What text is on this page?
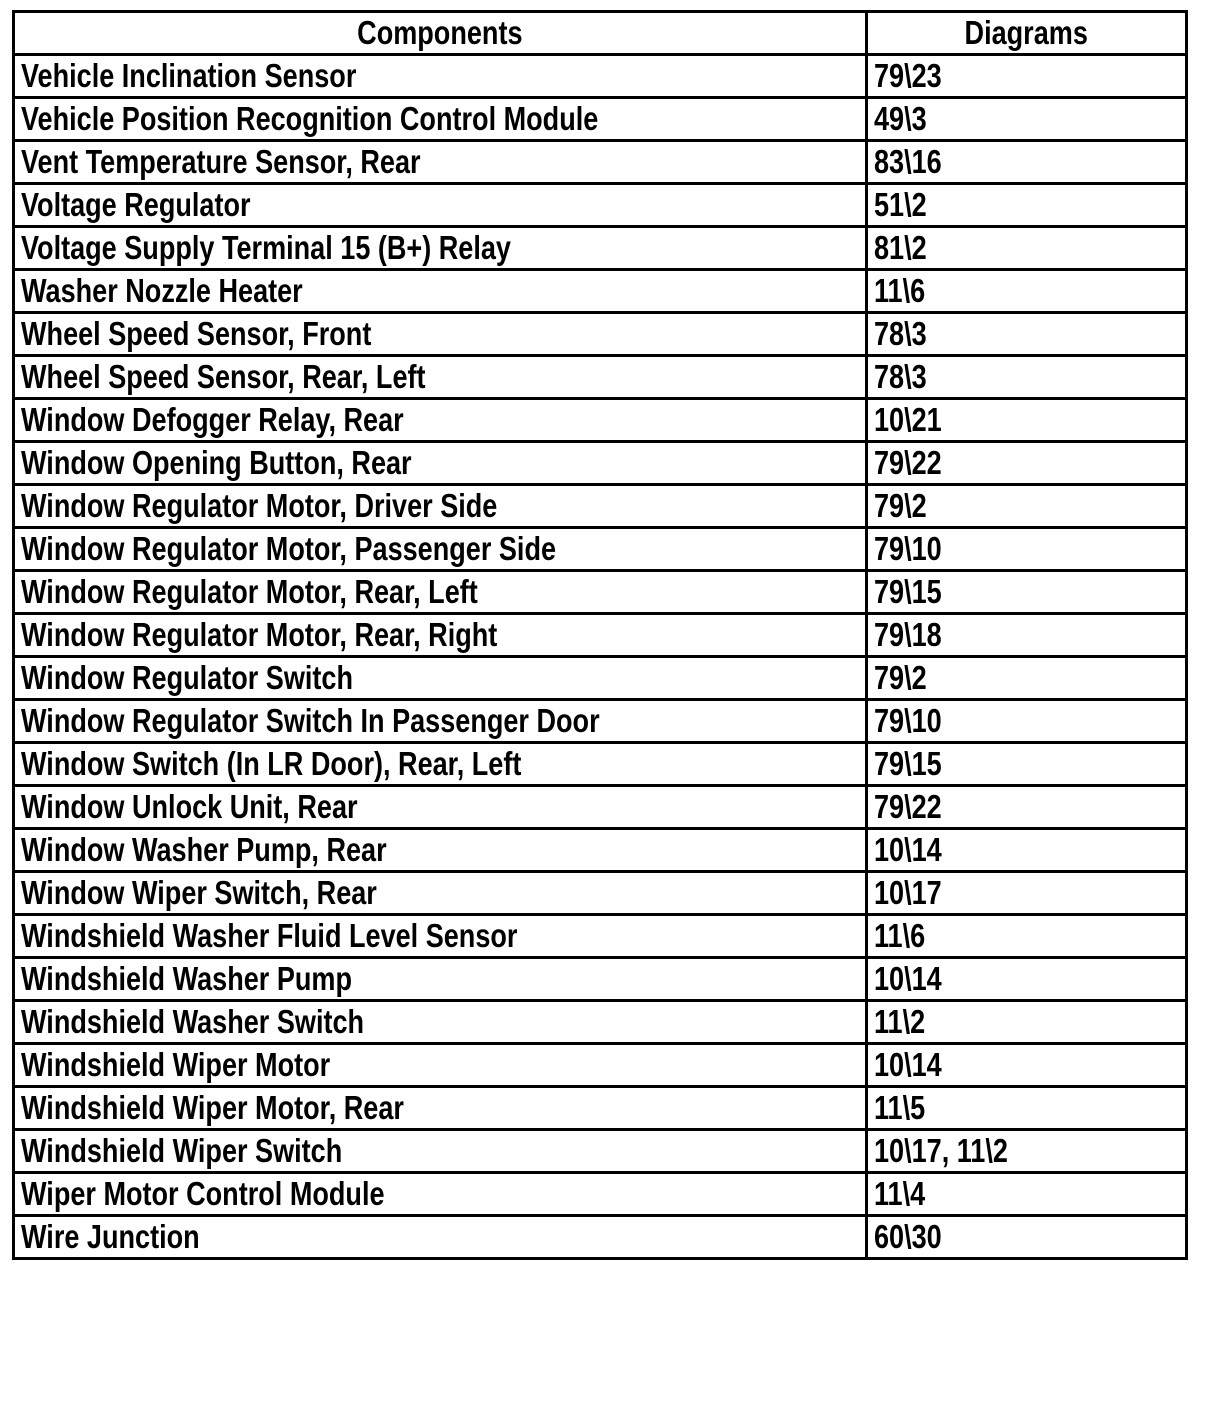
Components	Diagrams
Vehicle Inclination Sensor	79\23
Vehicle Position Recognition Control Module	49\3
Vent Temperature Sensor, Rear	83\16
Voltage Regulator	51\2
Voltage Supply Terminal 15 (B+) Relay	81\2
Washer Nozzle Heater	11\6
Wheel Speed Sensor, Front	78\3
Wheel Speed Sensor, Rear, Left	78\3
Window Defogger Relay, Rear	10\21
Window Opening Button, Rear	79\22
Window Regulator Motor, Driver Side	79\2
Window Regulator Motor, Passenger Side	79\10
Window Regulator Motor, Rear, Left	79\15
Window Regulator Motor, Rear, Right	79\18
Window Regulator Switch	79\2
Window Regulator Switch In Passenger Door	79\10
Window Switch (In LR Door), Rear, Left	79\15
Window Unlock Unit, Rear	79\22
Window Washer Pump, Rear	10\14
Window Wiper Switch, Rear	10\17
Windshield Washer Fluid Level Sensor	11\6
Windshield Washer Pump	10\14
Windshield Washer Switch	11\2
Windshield Wiper Motor	10\14
Windshield Wiper Motor, Rear	11\5
Windshield Wiper Switch	10\17, 11\2
Wiper Motor Control Module	11\4
Wire Junction	60\30
